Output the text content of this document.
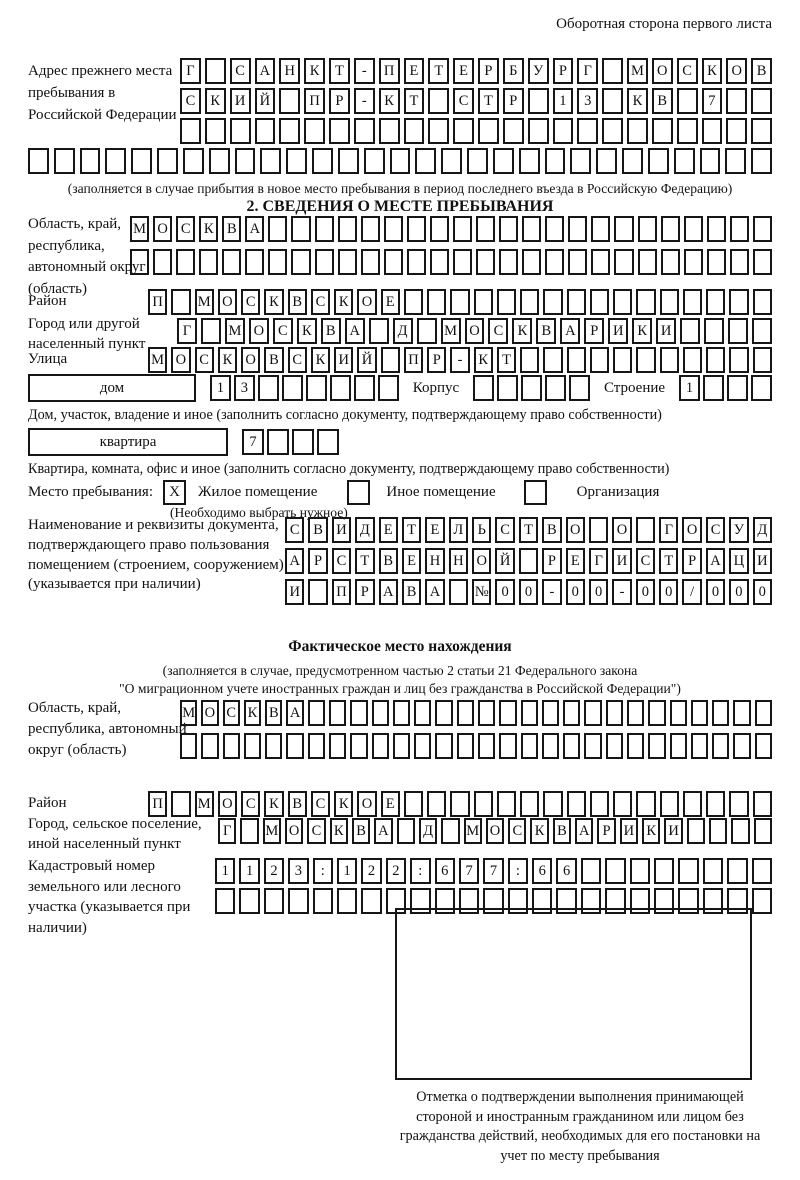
Оборотная сторона первого листа
Адрес прежнего места пребывания в Российской Федерации
Г	С	А Н	К	Т	-	П	Е	Т	Е	Р	Б	У	Р	Г	М О	С	К	О	В
С	К	И Й	П	Р	-	К	Т	С	Т	Р	1	3	К	В	7
(заполняется в случае прибытия в новое место пребывания в период последнего въезда в Российскую Федерацию)
2. СВЕДЕНИЯ О МЕСТЕ ПРЕБЫВАНИЯ
Область, край, республика, автономный округ (область)
М О С К В А
Район	П	М О С К В С К О Е
Город или другой населенный пункт
Г	М О С К В А	Д	М О С К В А	Р	И К И
Улица	М О С К О В С К И Й	П Р	-	К Т
дом	1	3	Корпус	Строение	1
Дом, участок, владение и иное (заполнить согласно документу, подтверждающему право собственности)
квартира	7
Квартира, комната, офис и иное (заполнить согласно документу, подтверждающему право собственности)
Место пребывания:	X	Жилое помещение	Иное помещение	Организация
(Необходимо выбрать нужное)
Наименование и реквизиты документа, подтверждающего право пользования помещением (строением, сооружением) (указывается при наличии)
С В И Д Е	Т	Е Л Ь С Т В О	О	Г О С У Д
А Р	С Т В Е Н Н О Й	Р	Е	Г И С Т	Р А Ц И
И	П Р А В А	№ 0	0	-	0	0	-	0	0	/	0	0	0
Фактическое место нахождения
(заполняется в случае, предусмотренном частью 2 статьи 21 Федерального закона
"О миграционном учете иностранных граждан и лиц без гражданства в Российской Федерации")
Область, край, республика, автономный округ (область)
М О С К В А
Район	П	М О С К В С К О Е
Город, сельское поселение, иной населенный пункт
Г	М О С К В А Д М О С К В А Р И К И
Кадастровый номер земельного или лесного участка (указывается при наличии)
1	1	2	3	:	1	2	2	:	6	7	7	:	6	6
Отметка о подтверждении выполнения принимающей стороной и иностранным гражданином или лицом без гражданства действий, необходимых для его постановки на учет по месту пребывания
